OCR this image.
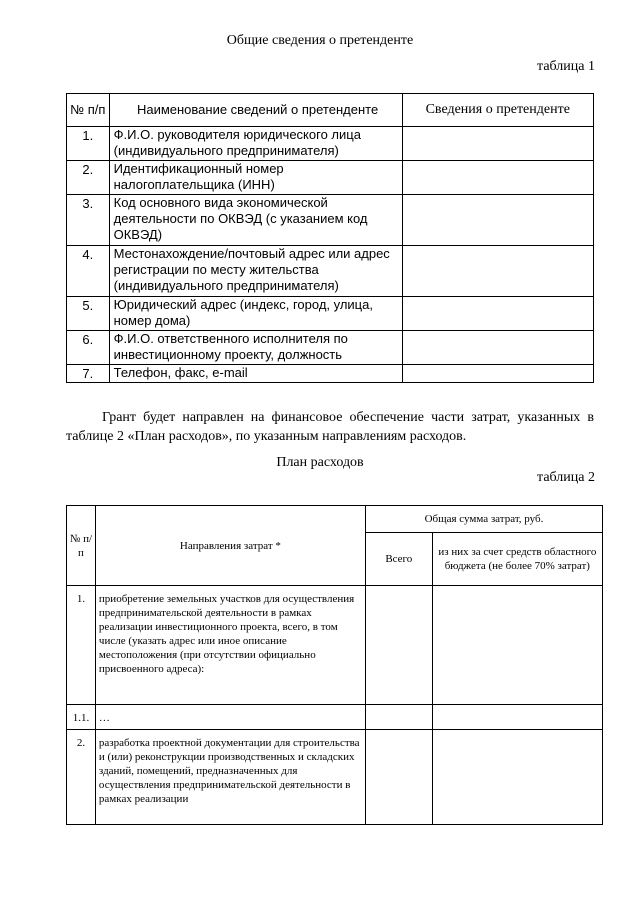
Общие сведения о претенденте
таблица 1
№ п/п	Наименование сведений о претенденте	Сведения о претенденте
1.	Ф.И.О. руководителя юридического лица (индивидуального предпринимателя)	
2.	Идентификационный номер налогоплательщика (ИНН)	
3.	Код основного вида экономической деятельности по ОКВЭД (с указанием код ОКВЭД)	
4.	Местонахождение/почтовый адрес или адрес регистрации по месту жительства (индивидуального предпринимателя)	
5.	Юридический адрес (индекс, город, улица, номер дома)	
6.	Ф.И.О. ответственного исполнителя по инвестиционному проекту, должность	
7.	Телефон, факс, e-mail	
Грант будет направлен на финансовое обеспечение части затрат, указанных в таблице 2 «План расходов», по указанным направлениям расходов.
План расходов
таблица 2
№ п/п	Направления затрат *	Общая сумма затрат, руб.	
		Всего	из них за счет средств областного бюджета (не более 70% затрат)
1.	приобретение земельных участков для осуществления предпринимательской деятельности в рамках реализации инвестиционного проекта, всего, в том числе (указать адрес или иное описание местоположения (при отсутствии официально присвоенного адреса):		
1.1.	…		
2.	разработка проектной документации для строительства и (или) реконструкции производственных и складских зданий, помещений, предназначенных для осуществления предпринимательской деятельности в рамках реализации		
